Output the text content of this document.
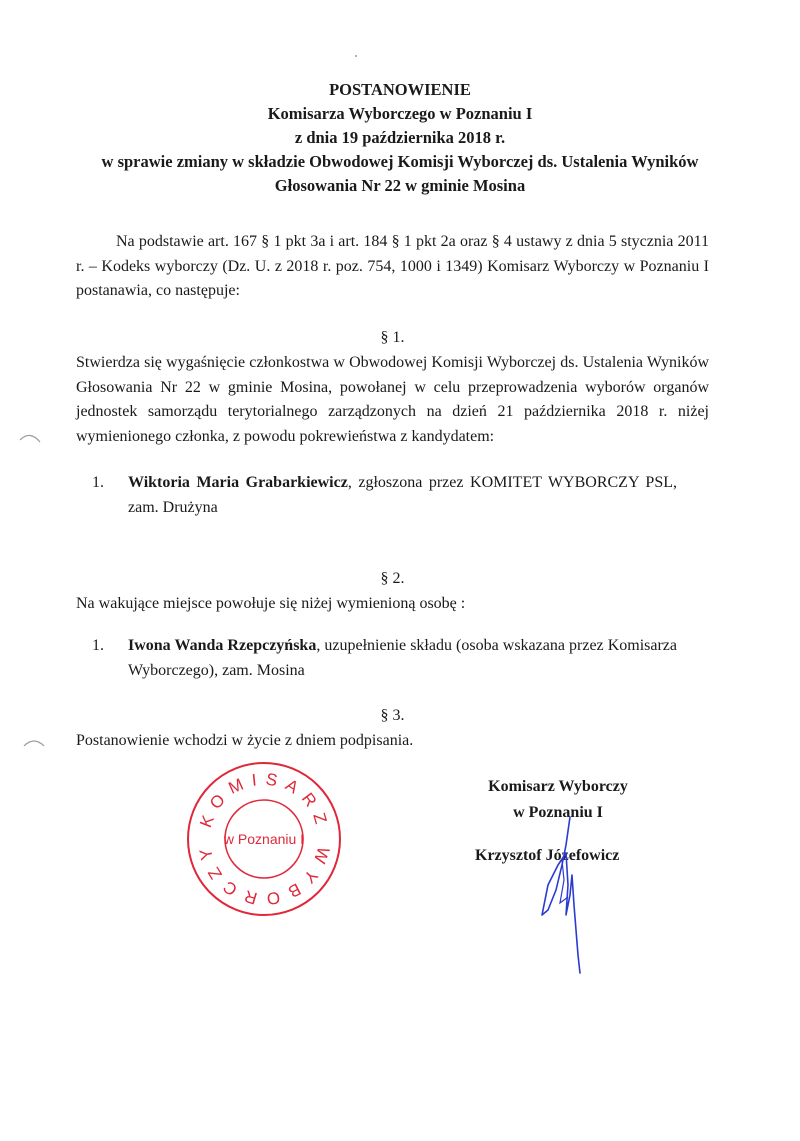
POSTANOWIENIE
Komisarza Wyborczego w Poznaniu I
z dnia 19 października 2018 r.
w sprawie zmiany w składzie Obwodowej Komisji Wyborczej ds. Ustalenia Wyników
Głosowania Nr 22 w gminie Mosina
Na podstawie art. 167 § 1 pkt 3a i art. 184 § 1 pkt 2a oraz § 4 ustawy z dnia 5 stycznia 2011 r. – Kodeks wyborczy (Dz. U. z 2018 r. poz. 754, 1000 i 1349) Komisarz Wyborczy w Poznaniu I postanawia, co następuje:
§ 1.
Stwierdza się wygaśnięcie członkostwa w Obwodowej Komisji Wyborczej ds. Ustalenia Wyników Głosowania Nr 22 w gminie Mosina, powołanej w celu przeprowadzenia wyborów organów jednostek samorządu terytorialnego zarządzonych na dzień 21 października 2018 r. niżej wymienionego członka, z powodu pokrewieństwa z kandydatem:
1. Wiktoria Maria Grabarkiewicz, zgłoszona przez KOMITET WYBORCZY PSL, zam. Drużyna
§ 2.
Na wakujące miejsce powołuje się niżej wymienioną osobę :
1. Iwona Wanda Rzepczyńska, uzupełnienie składu (osoba wskazana przez Komisarza Wyborczego), zam. Mosina
§ 3.
Postanowienie wchodzi w życie z dniem podpisania.
Komisarz Wyborczy
w Poznaniu I
Krzysztof Józefowicz
KOMISARZ WYBORCZY
w Poznaniu I
